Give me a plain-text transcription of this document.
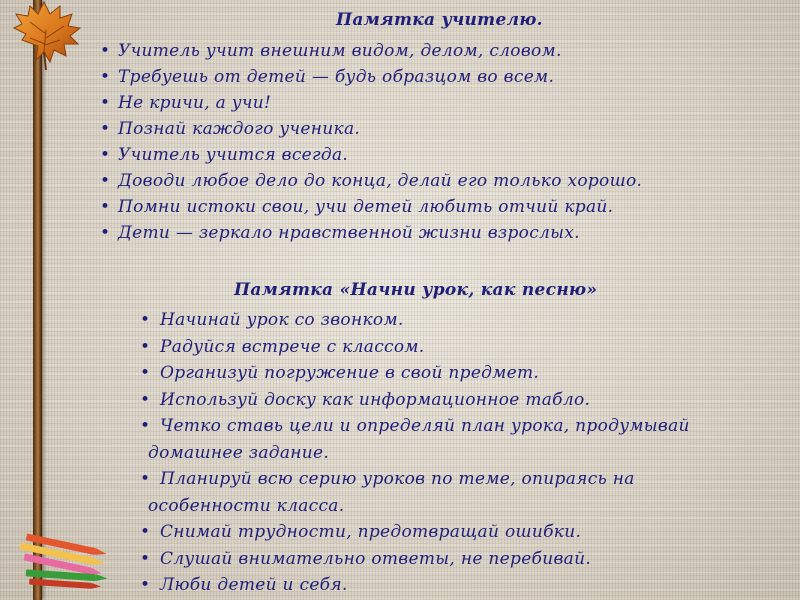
Памятка учителю.
• Учитель учит внешним видом, делом, словом.
• Требуешь от детей — будь образцом во всем.
• Не кричи, а учи!
• Познай каждого ученика.
• Учитель учится всегда.
• Доводи любое дело до конца, делай его только хорошо.
• Помни истоки свои, учи детей любить отчий край.
• Дети — зеркало нравственной жизни взрослых.
Памятка «Начни урок, как песню»
• Начинай урок со звонком.
• Радуйся встрече с классом.
• Организуй погружение в свой предмет.
• Используй доску как информационное табло.
• Четко ставь цели и определяй план урока, продумывай
домашнее задание.
• Планируй всю серию уроков по теме, опираясь на
особенности класса.
• Снимай трудности, предотвращай ошибки.
• Слушай внимательно ответы, не перебивай.
• Люби детей и себя.
